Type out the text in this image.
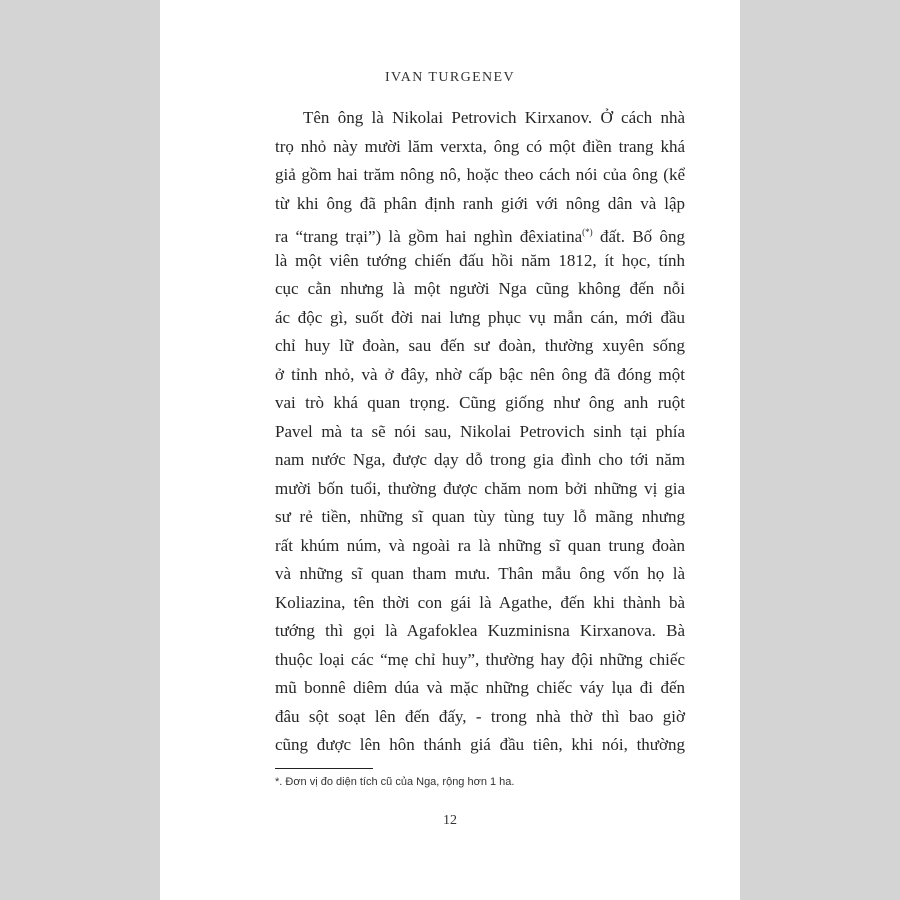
IVAN TURGENEV
Tên ông là Nikolai Petrovich Kirxanov. Ở cách nhà
trọ nhỏ này mười lăm verxta, ông có một điền trang khá
giả gồm hai trăm nông nô, hoặc theo cách nói của ông (kể
từ khi ông đã phân định ranh giới với nông dân và lập
ra “trang trại”) là gồm hai nghìn đêxiatina(*) đất. Bố ông
là một viên tướng chiến đấu hồi năm 1812, ít học, tính
cục cằn nhưng là một người Nga cũng không đến nỗi
ác độc gì, suốt đời nai lưng phục vụ mẫn cán, mới đầu
chỉ huy lữ đoàn, sau đến sư đoàn, thường xuyên sống
ở tỉnh nhỏ, và ở đây, nhờ cấp bậc nên ông đã đóng một
vai trò khá quan trọng. Cũng giống như ông anh ruột
Pavel mà ta sẽ nói sau, Nikolai Petrovich sinh tại phía
nam nước Nga, được dạy dỗ trong gia đình cho tới năm
mười bốn tuổi, thường được chăm nom bởi những vị gia
sư rẻ tiền, những sĩ quan tùy tùng tuy lỗ mãng nhưng
rất khúm núm, và ngoài ra là những sĩ quan trung đoàn
và những sĩ quan tham mưu. Thân mẫu ông vốn họ là
Koliazina, tên thời con gái là Agathe, đến khi thành bà
tướng thì gọi là Agafoklea Kuzminisna Kirxanova. Bà
thuộc loại các “mẹ chỉ huy”, thường hay đội những chiếc
mũ bonnê diêm dúa và mặc những chiếc váy lụa đi đến
đâu sột soạt lên đến đấy, - trong nhà thờ thì bao giờ
cũng được lên hôn thánh giá đầu tiên, khi nói, thường
*. Đơn vị đo diện tích cũ của Nga, rộng hơn 1 ha.
12
